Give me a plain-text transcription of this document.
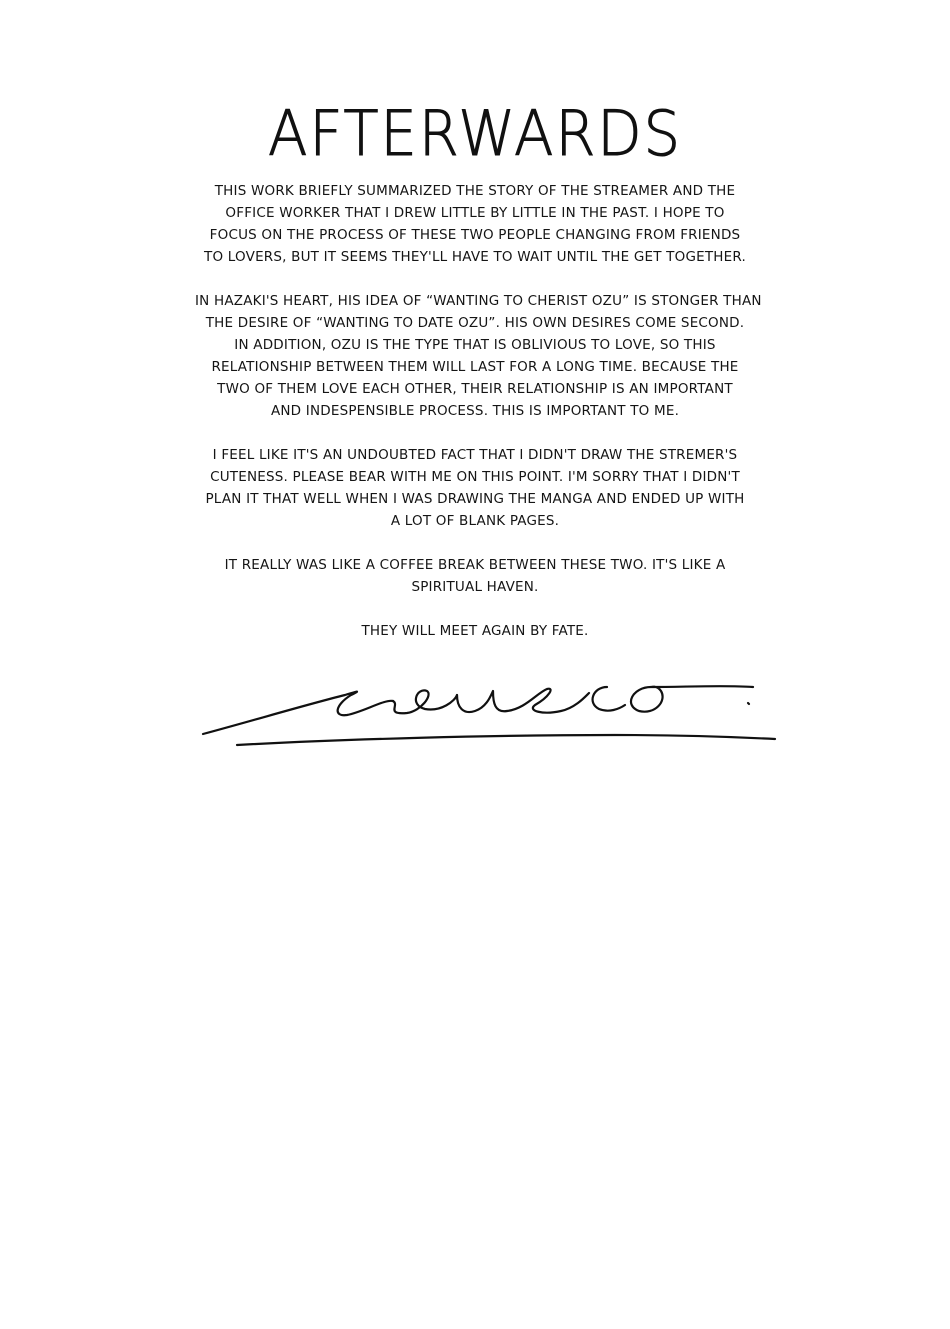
AFTERWARDS
THIS WORK BRIEFLY SUMMARIZED THE STORY OF THE STREAMER AND THE
OFFICE WORKER THAT I DREW LITTLE BY LITTLE IN THE PAST. I HOPE TO
FOCUS ON THE PROCESS OF THESE TWO PEOPLE CHANGING FROM FRIENDS
TO LOVERS, BUT IT SEEMS THEY'LL HAVE TO WAIT UNTIL THE GET TOGETHER.
IN HAZAKI'S HEART, HIS IDEA OF “WANTING TO CHERIST OZU” IS STONGER THAN
THE DESIRE OF “WANTING TO DATE OZU”. HIS OWN DESIRES COME SECOND.
IN ADDITION, OZU IS THE TYPE THAT IS OBLIVIOUS TO LOVE, SO THIS
RELATIONSHIP BETWEEN THEM WILL LAST FOR A LONG TIME. BECAUSE THE
TWO OF THEM LOVE EACH OTHER, THEIR RELATIONSHIP IS AN IMPORTANT
AND INDESPENSIBLE PROCESS. THIS IS IMPORTANT TO ME.
I FEEL LIKE IT'S AN UNDOUBTED FACT THAT I DIDN'T DRAW THE STREMER'S
CUTENESS. PLEASE BEAR WITH ME ON THIS POINT. I'M SORRY THAT I DIDN'T
PLAN IT THAT WELL WHEN I WAS DRAWING THE MANGA AND ENDED UP WITH
A LOT OF BLANK PAGES.
IT REALLY WAS LIKE A COFFEE BREAK BETWEEN THESE TWO. IT'S LIKE A
SPIRITUAL HAVEN.
THEY WILL MEET AGAIN BY FATE.
